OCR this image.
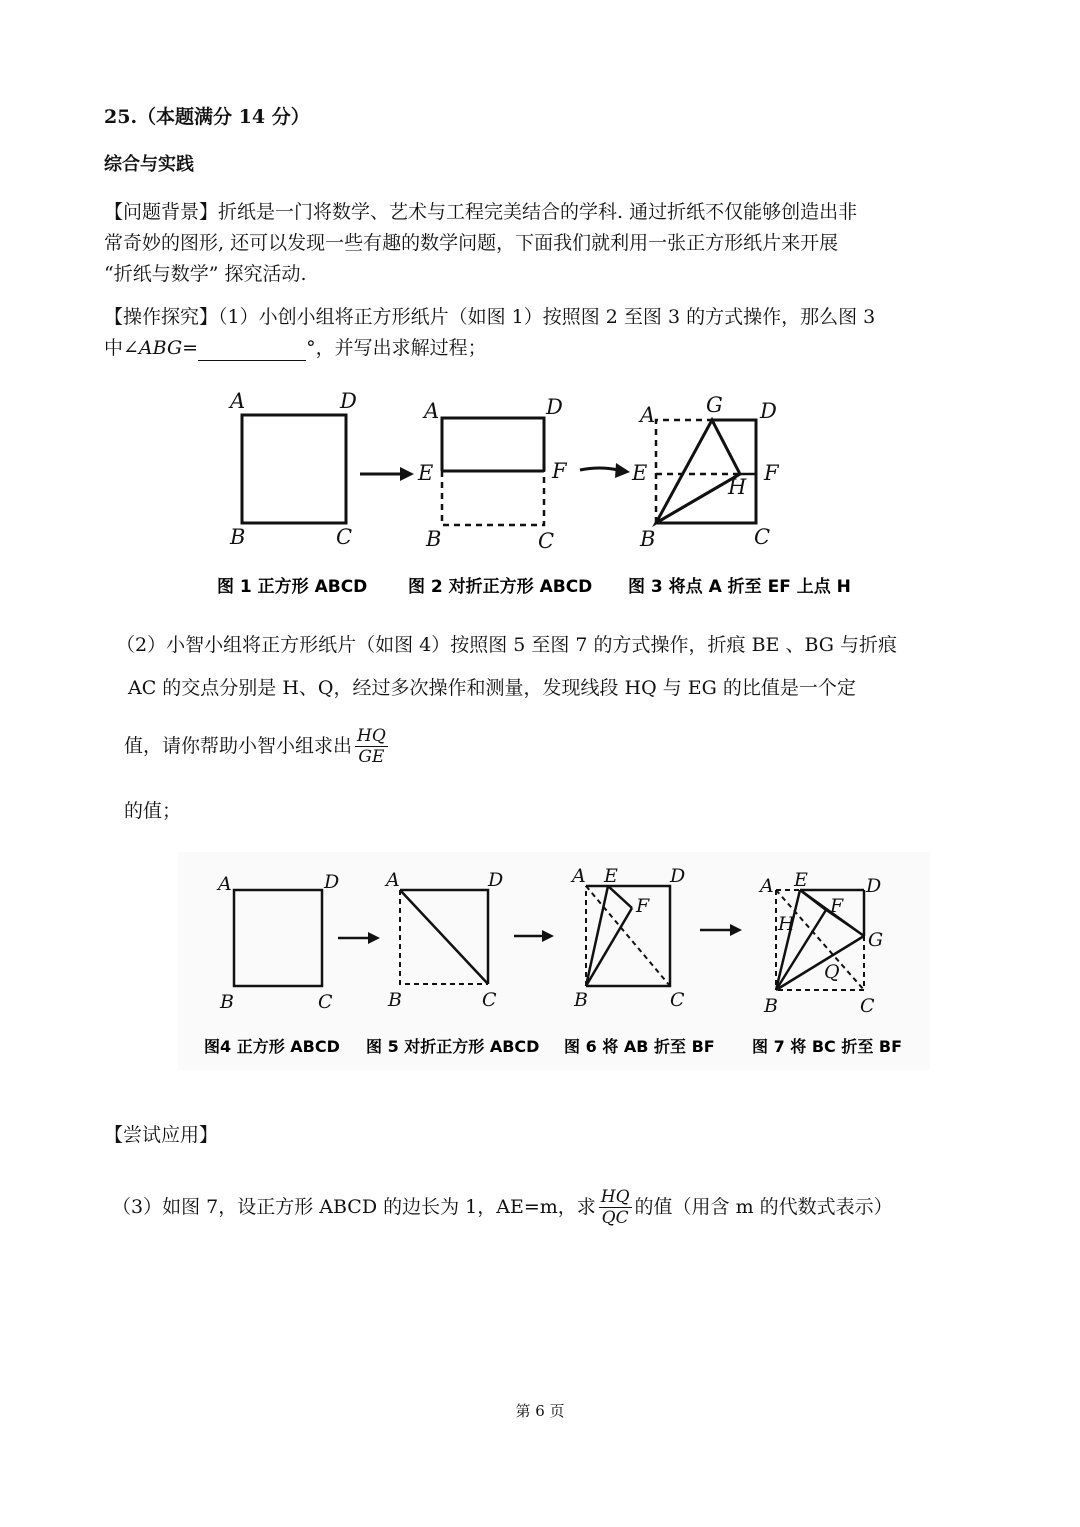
25.（本题满分 14 分）
综合与实践
【问题背景】折纸是一门将数学、艺术与工程完美结合的学科. 通过折纸不仅能够创造出非
常奇妙的图形, 还可以发现一些有趣的数学问题，下面我们就利用一张正方形纸片来开展
“折纸与数学” 探究活动.
【操作探究】（1）小创小组将正方形纸片（如图 1）按照图 2 至图 3 的方式操作，那么图 3
中∠ABG=	°，并写出求解过程；
A	D
B	C
A	D
E	F
B	C
A G D
E	F
H
B	C
图 1 正方形 ABCD 图 2 对折正方形 ABCD 图 3 将点 A 折至 EF 上点 H
（2）小智小组将正方形纸片（如图 4）按照图 5 至图 7 的方式操作，折痕 BE 、BG 与折痕
AC 的交点分别是 H、Q，经过多次操作和测量，发现线段 HQ 与 EG 的比值是一个定
值，请你帮助小智小组求出 $\frac{HQ}{GE}$
的值；
A	D
B	C
A	D
B	C
A E	D
F
B	C
A E	D
H
F
G
Q
B	C
图4 正方形 ABCD 图 5 对折正方形 ABCD 图 6 将 AB 折至 BF 图 7 将 BC 折至 BF
【尝试应用】
（3）如图 7，设正方形 ABCD 的边长为 1，AE=m，求 $\frac{HQ}{QC}$ 的值（用含 m 的代数式表示）
第 6 页
